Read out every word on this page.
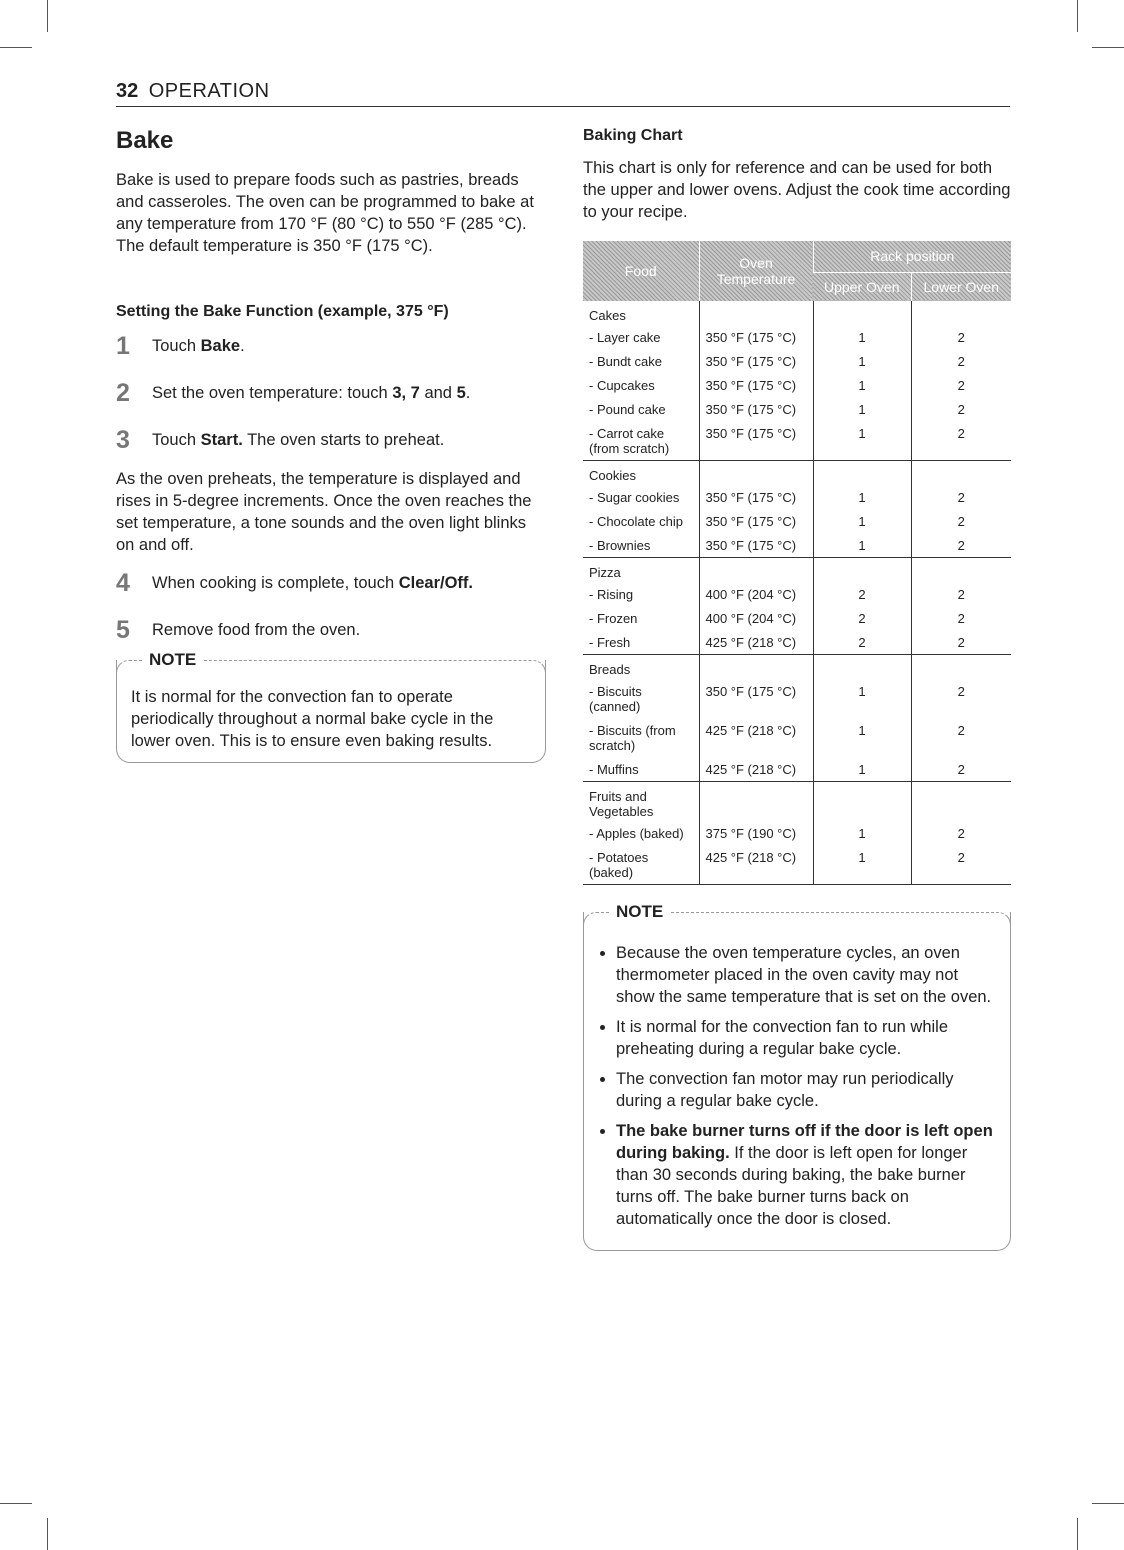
32 OPERATION
Bake

Bake is used to prepare foods such as pastries, breads and casseroles. The oven can be programmed to bake at any temperature from 170 °F (80 °C) to 550 °F (285 °C). The default temperature is 350 °F (175 °C).

Setting the Bake Function (example, 375 °F)
1	Touch Bake.
2	Set the oven temperature: touch 3, 7 and 5.
3	Touch Start. The oven starts to preheat.

As the oven preheats, the temperature is displayed and rises in 5-degree increments. Once the oven reaches the set temperature, a tone sounds and the oven light blinks on and off.

4	When cooking is complete, touch Clear/Off.
5	Remove food from the oven.
NOTE

It is normal for the convection fan to operate periodically throughout a normal bake cycle in the lower oven. This is to ensure even baking results.

Baking Chart

This chart is only for reference and can be used for both the upper and lower ovens. Adjust the cook time according to your recipe.

Food	Oven Temperature	Rack position	
		Upper Oven	Lower Oven
Cakes			
- Layer cake	350 °F (175 °C)	1	2
- Bundt cake	350 °F (175 °C)	1	2
- Cupcakes	350 °F (175 °C)	1	2
- Pound cake	350 °F (175 °C)	1	2
- Carrot cake (from scratch)	350 °F (175 °C)	1	2
Cookies			
- Sugar cookies	350 °F (175 °C)	1	2
- Chocolate chip	350 °F (175 °C)	1	2
- Brownies	350 °F (175 °C)	1	2
Pizza			
- Rising	400 °F (204 °C)	2	2
- Frozen	400 °F (204 °C)	2	2
- Fresh	425 °F (218 °C)	2	2
Breads			
- Biscuits (canned)	350 °F (175 °C)	1	2
- Biscuits (from scratch)	425 °F (218 °C)	1	2
- Muffins	425 °F (218 °C)	1	2
Fruits and Vegetables			
- Apples (baked)	375 °F (190 °C)	1	2
- Potatoes (baked)	425 °F (218 °C)	1	2
NOTE
• Because the oven temperature cycles, an oven thermometer placed in the oven cavity may not show the same temperature that is set on the oven.
• It is normal for the convection fan to run while preheating during a regular bake cycle.
• The convection fan motor may run periodically during a regular bake cycle.
• The bake burner turns off if the door is left open during baking. If the door is left open for longer than 30 seconds during baking, the bake burner turns off. The bake burner turns back on automatically once the door is closed.
